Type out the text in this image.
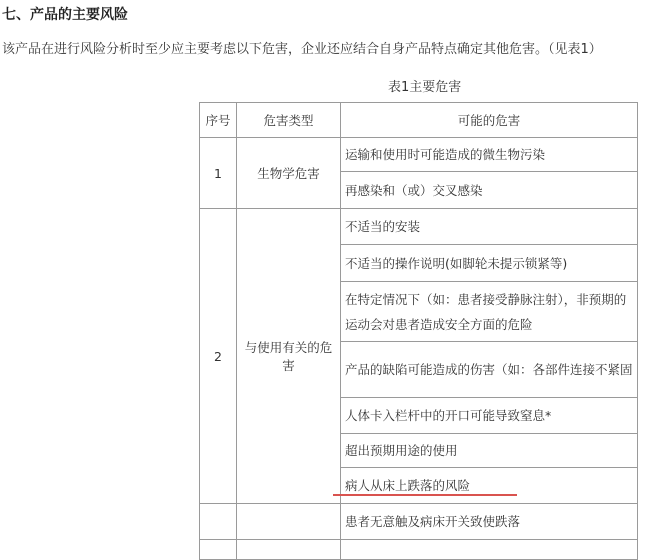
七、产品的主要风险
该产品在进行风险分析时至少应主要考虑以下危害，企业还应结合自身产品特点确定其他危害。（见表1）
表1主要危害
序号	危害类型	可能的危害
1	生物学危害	运输和使用时可能造成的微生物污染
		再感染和（或）交叉感染
2	与使用有关的危害	不适当的安装
		不适当的操作说明(如脚轮未提示锁紧等)
		在特定情况下（如：患者接受静脉注射），非预期的运动会对患者造成安全方面的危险
		产品的缺陷可能造成的伤害（如：各部件连接不紧固
		人体卡入栏杆中的开口可能导致窒息*
		超出预期用途的使用
		病人从床上跌落的风险
		患者无意触及病床开关致使跌落
